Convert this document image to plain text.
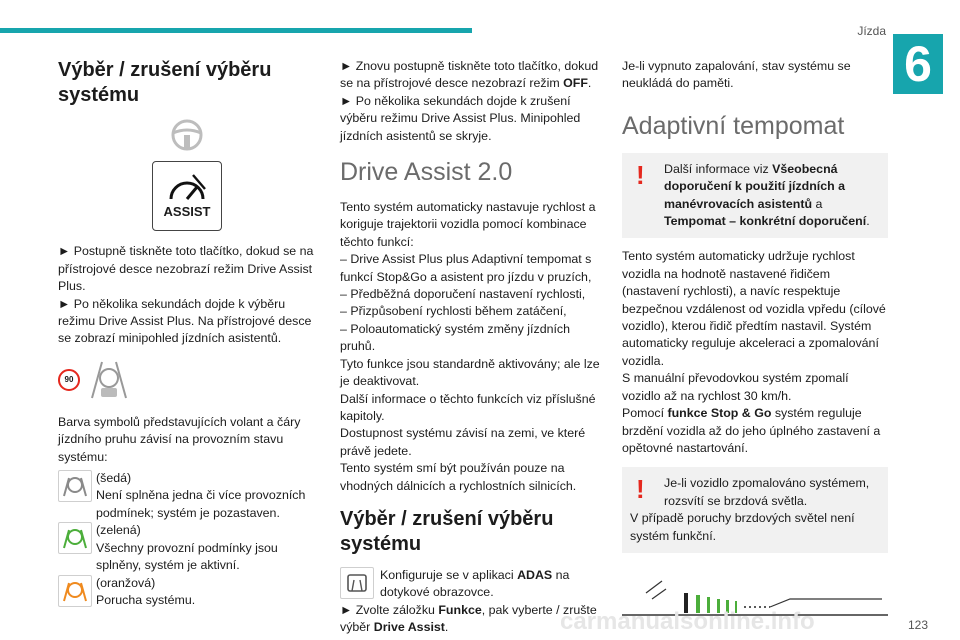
Jízda
6
Výběr / zrušení výběru systému
ASSIST

► Postupně tiskněte toto tlačítko, dokud se na přístrojové desce nezobrazí režim Drive Assist Plus.

► Po několika sekundách dojde k výběru režimu Drive Assist Plus. Na přístrojové desce se zobrazí minipohled jízdních asistentů.

90

Barva symbolů představujících volant a čáry jízdního pruhu závisí na provozním stavu systému:

(šedá)
Není splněna jedna či více provozních podmínek; systém je pozastaven.
(zelená)
Všechny provozní podmínky jsou splněny, systém je aktivní.
(oranžová)
Porucha systému.

► Znovu postupně tiskněte toto tlačítko, dokud se na přístrojové desce nezobrazí režim OFF.

► Po několika sekundách dojde k zrušení výběru režimu Drive Assist Plus. Minipohled jízdních asistentů se skryje.

Drive Assist 2.0

Tento systém automaticky nastavuje rychlost a koriguje trajektorii vozidla pomocí kombinace těchto funkcí:

– Drive Assist Plus plus Adaptivní tempomat s funkcí Stop&Go a asistent pro jízdu v pruzích,

– Předběžná doporučení nastavení rychlosti,

– Přizpůsobení rychlosti během zatáčení,

– Poloautomatický systém změny jízdních pruhů.

Tyto funkce jsou standardně aktivovány; ale lze je deaktivovat.

Další informace o těchto funkcích viz příslušné kapitoly.

Dostupnost systému závisí na zemi, ve které právě jedete.

Tento systém smí být používán pouze na vhodných dálnicích a rychlostních silnicích.

Výběr / zrušení výběru systému

Konfiguruje se v aplikaci ADAS na dotykové obrazovce.

► Zvolte záložku Funkce, pak vyberte / zrušte výběr Drive Assist.

Je-li vypnuto zapalování, stav systému se neukládá do paměti.

Adaptivní tempomat
! Další informace viz Všeobecná doporučení k použití jízdních a manévrovacích asistentů a Tempomat – konkrétní doporučení.

Tento systém automaticky udržuje rychlost vozidla na hodnotě nastavené řidičem (nastavení rychlosti), a navíc respektuje bezpečnou vzdálenost od vozidla vpředu (cílové vozidlo), kterou řidič předtím nastavil. Systém automaticky reguluje akceleraci a zpomalování vozidla.

S manuální převodovkou systém zpomalí vozidlo až na rychlost 30 km/h.

Pomocí funkce Stop & Go systém reguluje brzdění vozidla až do jeho úplného zastavení a opětovné nastartování.

! Je-li vozidlo zpomalováno systémem, rozsvítí se brzdová světla.

V případě poruchy brzdových světel není systém funkční.

carmanualsonline.info	123
